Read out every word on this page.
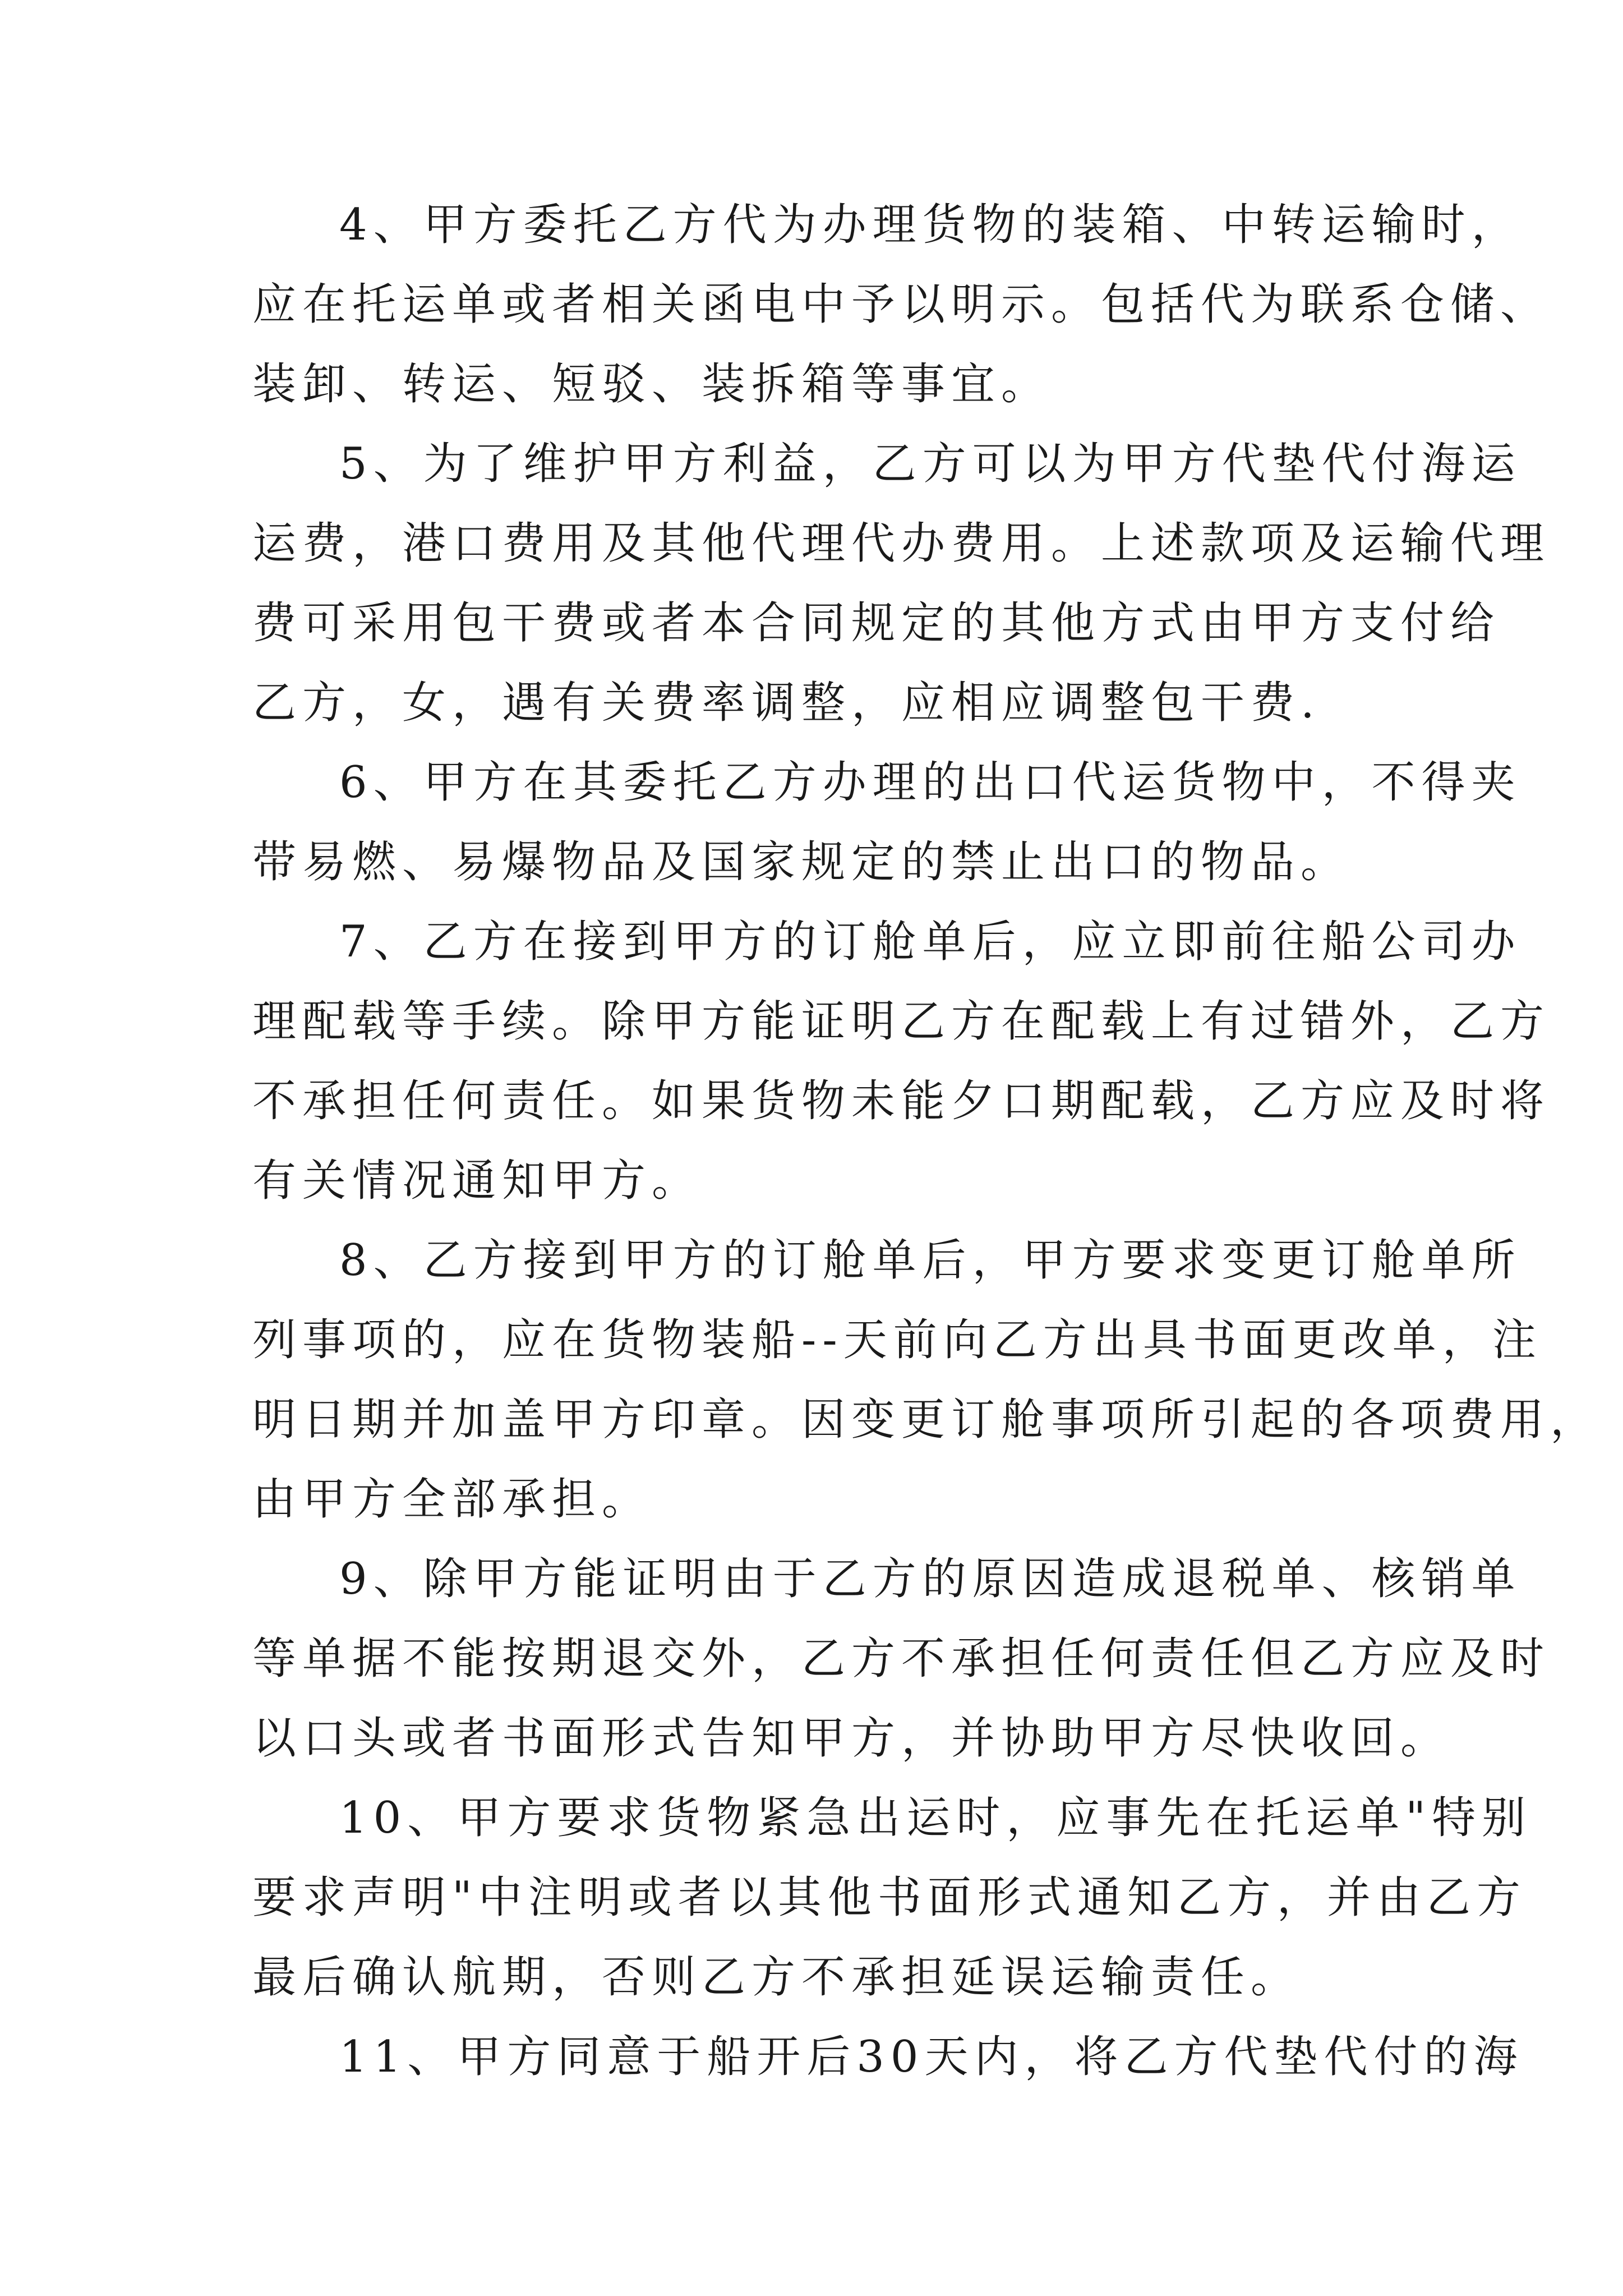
4、甲方委托乙方代为办理货物的装箱、中转运输时，
应在托运单或者相关函电中予以明示。包括代为联系仓储、
装卸、转运、短驳、装拆箱等事宜。
5、为了维护甲方利益，乙方可以为甲方代垫代付海运
运费，港口费用及其他代理代办费用。上述款项及运输代理
费可采用包干费或者本合同规定的其他方式由甲方支付给
乙方，女，遇有关费率调整，应相应调整包干费.
6、甲方在其委托乙方办理的出口代运货物中，不得夹
带易燃、易爆物品及国家规定的禁止出口的物品。
7、乙方在接到甲方的订舱单后，应立即前往船公司办
理配载等手续。除甲方能证明乙方在配载上有过错外，乙方
不承担任何责任。如果货物未能夕口期配载，乙方应及时将
有关情况通知甲方。
8、乙方接到甲方的订舱单后，甲方要求变更订舱单所
列事项的，应在货物装船--天前向乙方出具书面更改单，注
明日期并加盖甲方印章。因变更订舱事项所引起的各项费用，
由甲方全部承担。
9、除甲方能证明由于乙方的原因造成退税单、核销单
等单据不能按期退交外，乙方不承担任何责任但乙方应及时
以口头或者书面形式告知甲方，并协助甲方尽快收回。
10、甲方要求货物紧急出运时，应事先在托运单"特别
要求声明"中注明或者以其他书面形式通知乙方，并由乙方
最后确认航期，否则乙方不承担延误运输责任。
11、甲方同意于船开后30天内，将乙方代垫代付的海
